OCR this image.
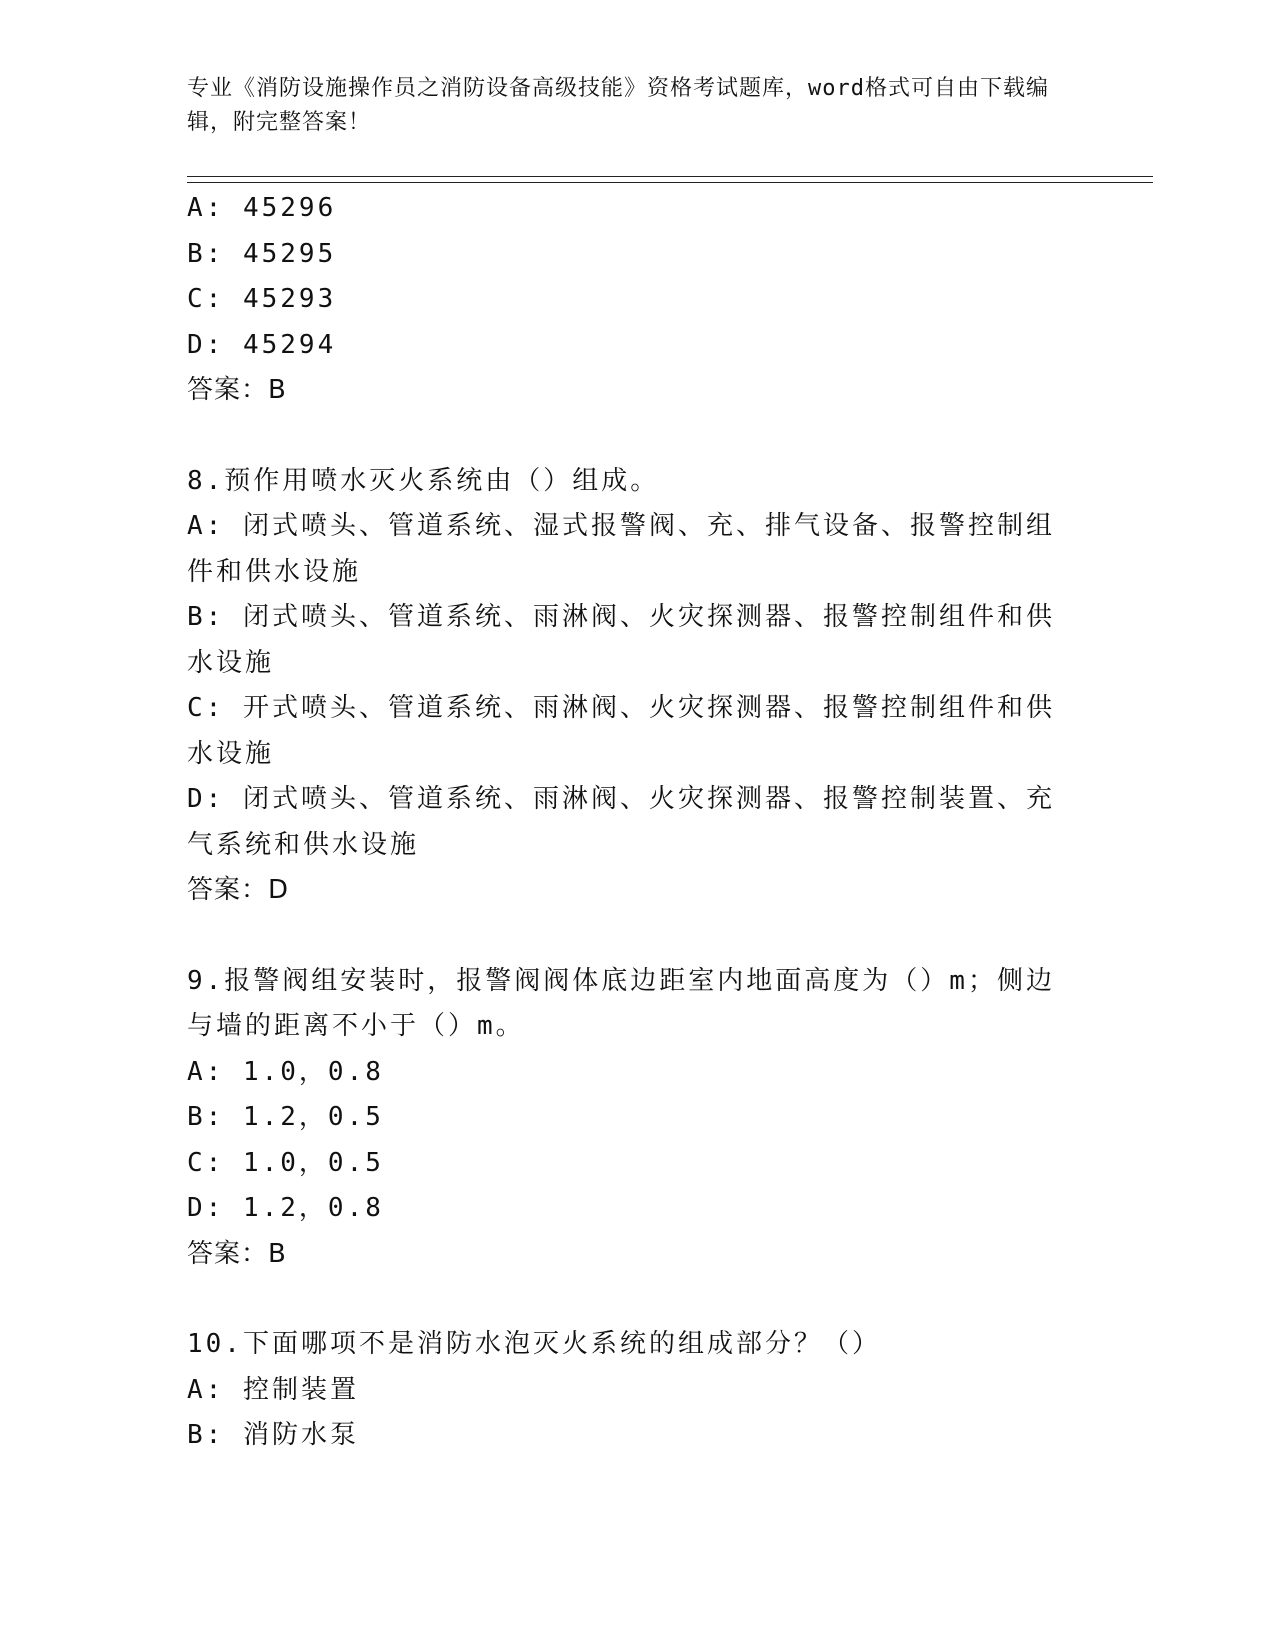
专业《消防设施操作员之消防设备高级技能》资格考试题库，word格式可自由下载编辑，附完整答案！

A: 45296

B: 45295

C: 45293

D: 45294

答案：B

8.预作用喷水灭火系统由（）组成。

A: 闭式喷头、管道系统、湿式报警阀、充、排气设备、报警控制组件和供水设施

B: 闭式喷头、管道系统、雨淋阀、火灾探测器、报警控制组件和供水设施

C: 开式喷头、管道系统、雨淋阀、火灾探测器、报警控制组件和供水设施

D: 闭式喷头、管道系统、雨淋阀、火灾探测器、报警控制装置、充气系统和供水设施

答案：D

9.报警阀组安装时，报警阀阀体底边距室内地面高度为（）m；侧边与墙的距离不小于（）m。

A: 1.0，0.8

B: 1.2，0.5

C: 1.0，0.5

D: 1.2，0.8

答案：B

10.下面哪项不是消防水泡灭火系统的组成部分？（）

A: 控制装置

B: 消防水泵
